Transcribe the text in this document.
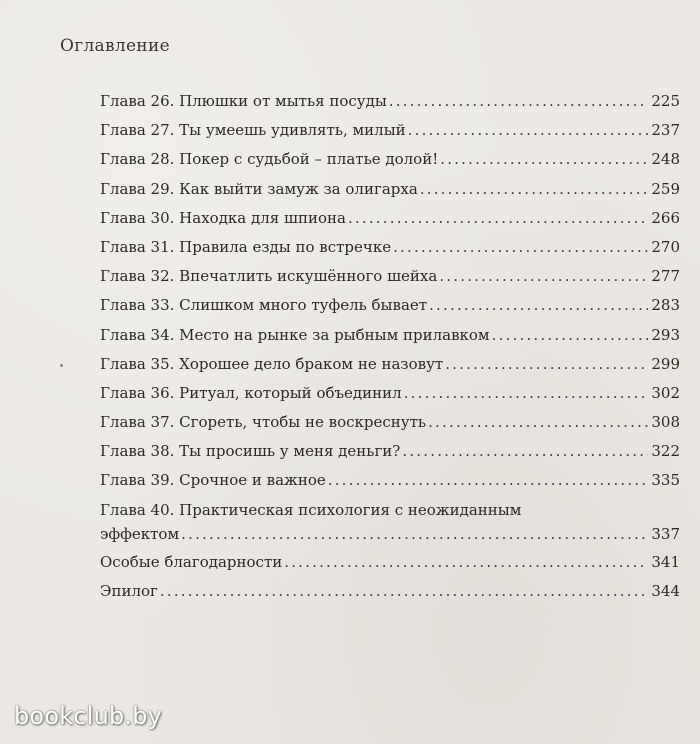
Оглавление
Глава 26. Плюшки от мытья посуды .....	225
Глава 27. Ты умеешь удивлять, милый .....	237
Глава 28. Покер с судьбой – платье долой! .....	248
Глава 29. Как выйти замуж за олигарха .....	259
Глава 30. Находка для шпиона .....	266
Глава 31. Правила езды по встречке .....	270
Глава 32. Впечатлить искушённого шейха .....	277
Глава 33. Слишком много туфель бывает .....	283
Глава 34. Место на рынке за рыбным прилавком .....	293
Глава 35. Хорошее дело браком не назовут .....	299
Глава 36. Ритуал, который объединил .....	302
Глава 37. Сгореть, чтобы не воскреснуть .....	308
Глава 38. Ты просишь у меня деньги? .....	322
Глава 39. Срочное и важное .....	335
Глава 40. Практическая психология с неожиданным
эффектом .....	337
Особые благодарности .....	341
Эпилог .....	344
bookclub.by
